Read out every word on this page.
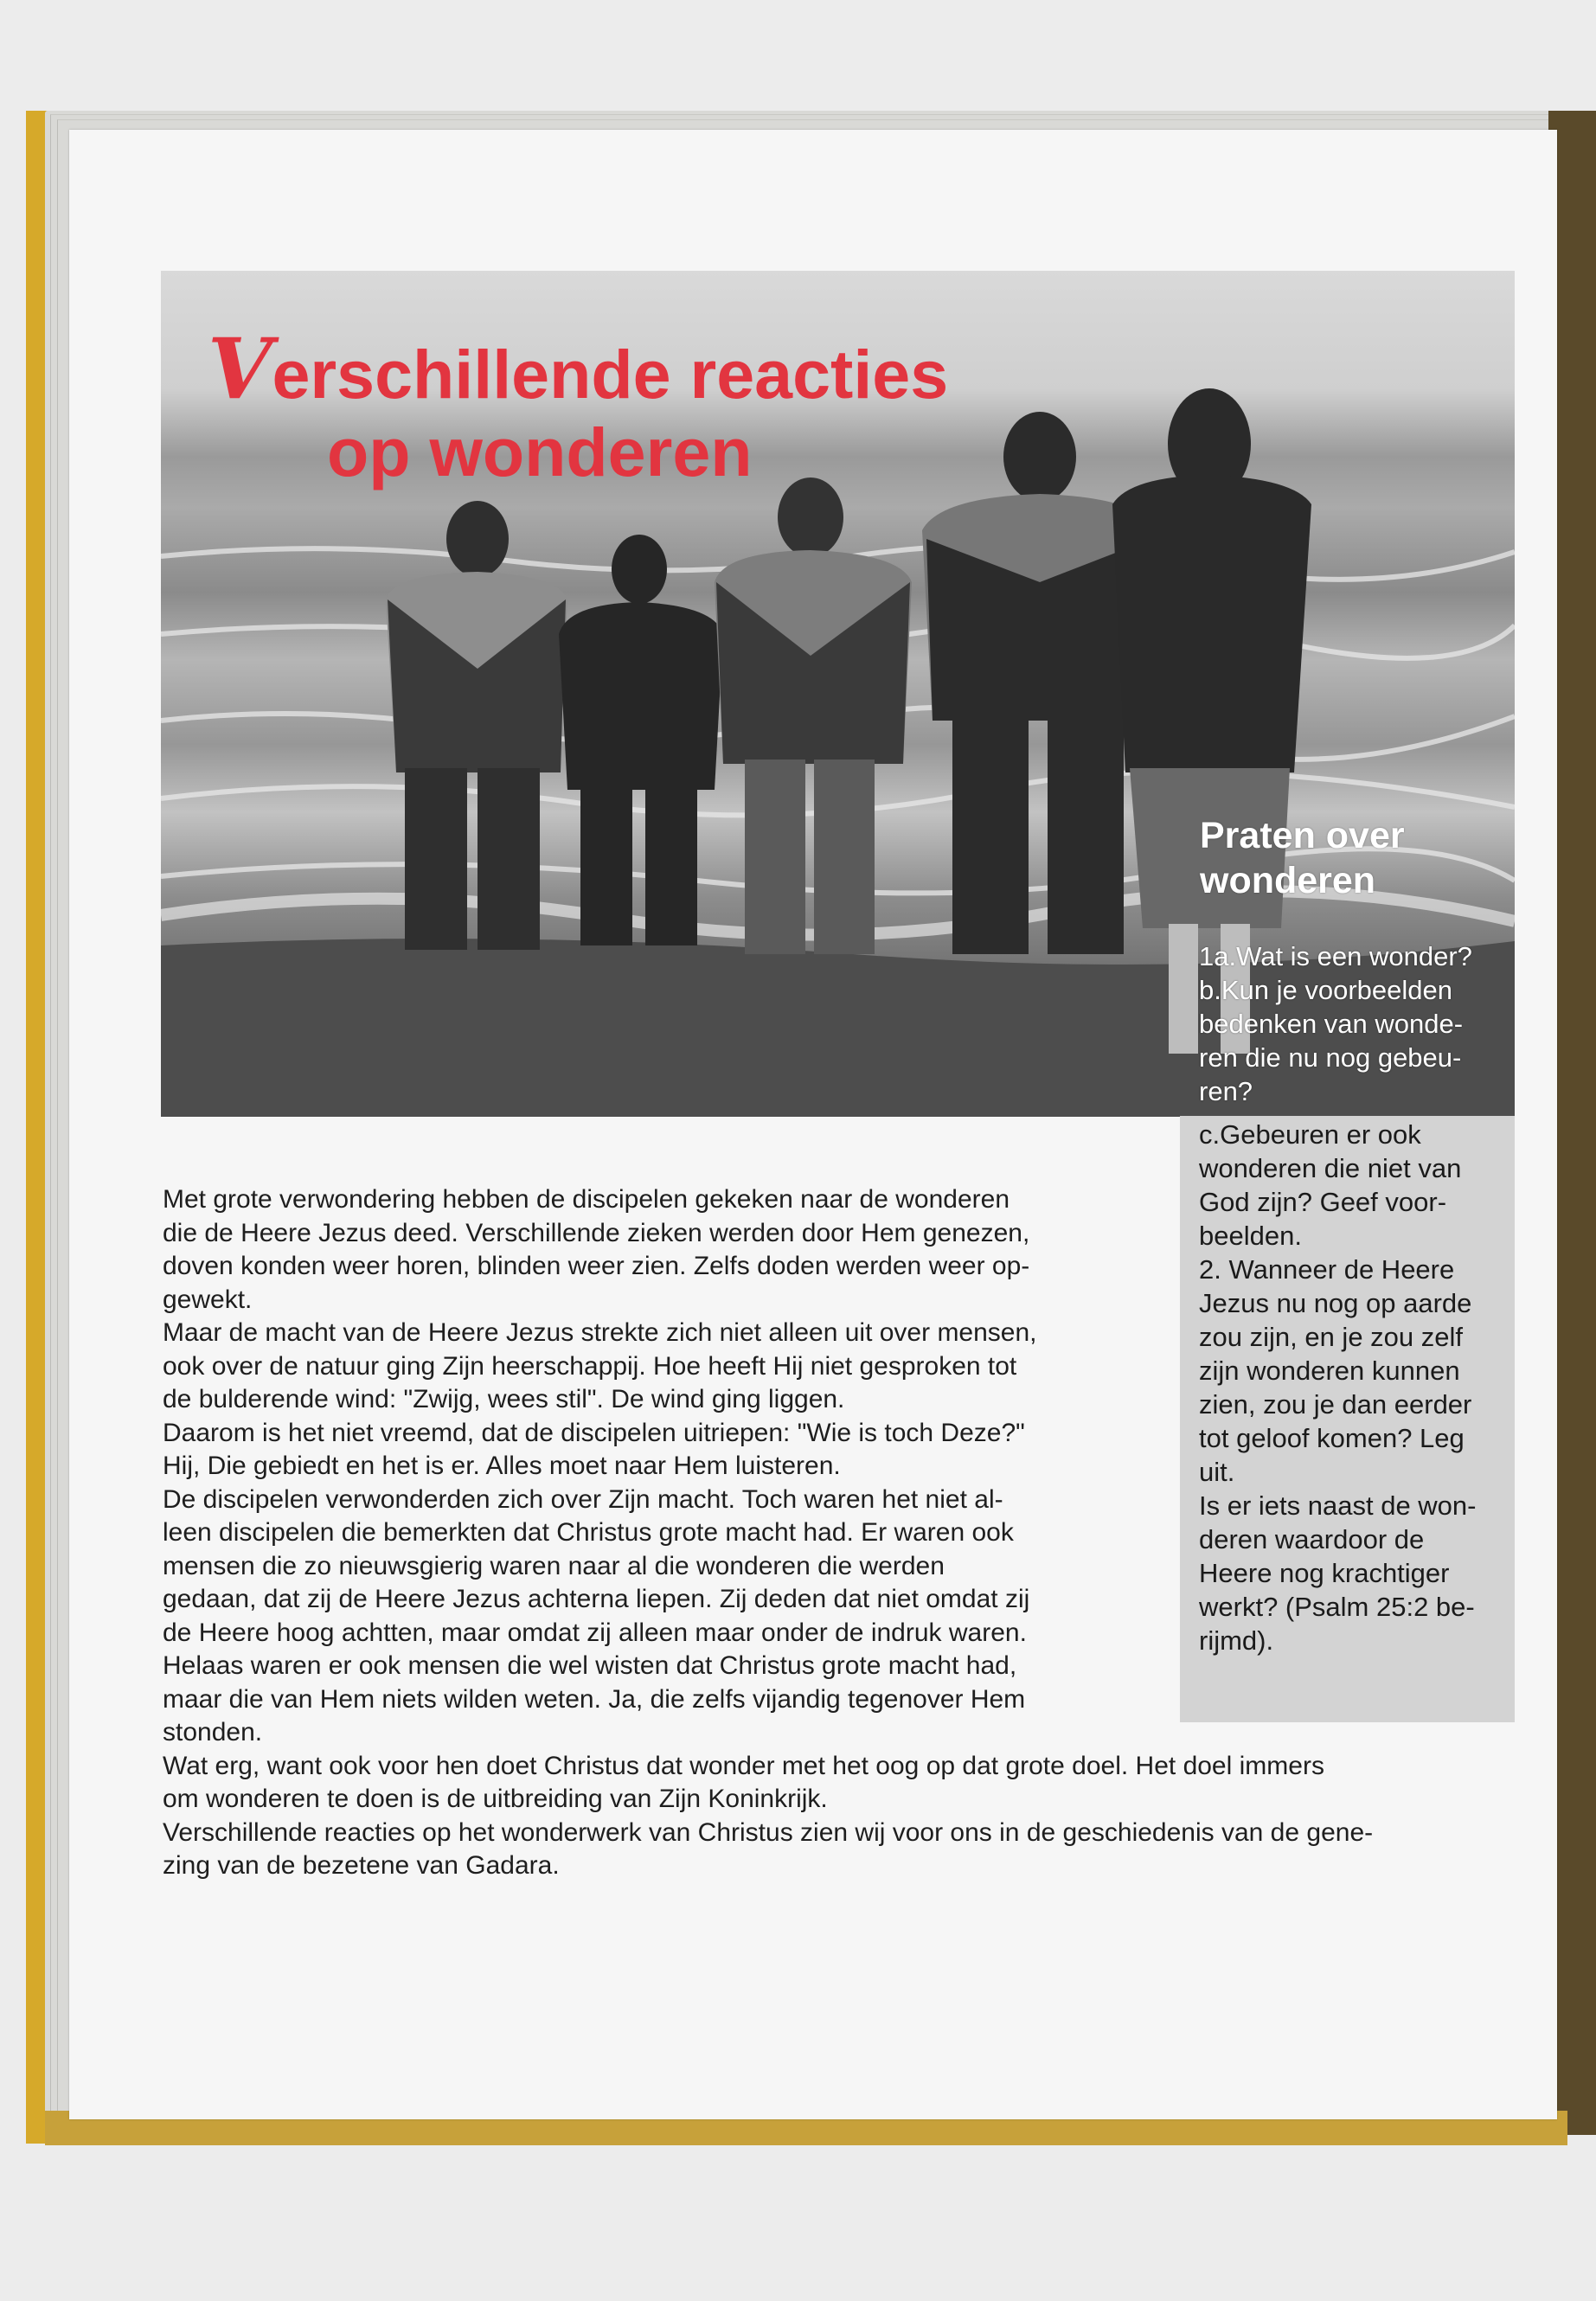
Verschillende reacties
op wonderen
Praten over
wonderen
1a.Wat is een wonder?
b.Kun je voorbeelden
bedenken van wonde-
ren die nu nog gebeu-
ren?
c.Gebeuren er ook
wonderen die niet van
God zijn? Geef voor-
beelden.
2. Wanneer de Heere
Jezus nu nog op aarde
zou zijn, en je zou zelf
zijn wonderen kunnen
zien, zou je dan eerder
tot geloof komen? Leg
uit.
Is er iets naast de won-
deren waardoor de
Heere nog krachtiger
werkt? (Psalm 25:2 be-
rijmd).
Met grote verwondering hebben de discipelen gekeken naar de wonderen
die de Heere Jezus deed. Verschillende zieken werden door Hem genezen,
doven konden weer horen, blinden weer zien. Zelfs doden werden weer op-
gewekt.
Maar de macht van de Heere Jezus strekte zich niet alleen uit over mensen,
ook over de natuur ging Zijn heerschappij. Hoe heeft Hij niet gesproken tot
de bulderende wind: "Zwijg, wees stil". De wind ging liggen.
Daarom is het niet vreemd, dat de discipelen uitriepen: "Wie is toch Deze?"
Hij, Die gebiedt en het is er. Alles moet naar Hem luisteren.
De discipelen verwonderden zich over Zijn macht. Toch waren het niet al-
leen discipelen die bemerkten dat Christus grote macht had. Er waren ook
mensen die zo nieuwsgierig waren naar al die wonderen die werden
gedaan, dat zij de Heere Jezus achterna liepen. Zij deden dat niet omdat zij
de Heere hoog achtten, maar omdat zij alleen maar onder de indruk waren.
Helaas waren er ook mensen die wel wisten dat Christus grote macht had,
maar die van Hem niets wilden weten. Ja, die zelfs vijandig tegenover Hem
stonden.
Wat erg, want ook voor hen doet Christus dat wonder met het oog op dat grote doel. Het doel immers
om wonderen te doen is de uitbreiding van Zijn Koninkrijk.
Verschillende reacties op het wonderwerk van Christus zien wij voor ons in de geschiedenis van de gene-
zing van de bezetene van Gadara.
